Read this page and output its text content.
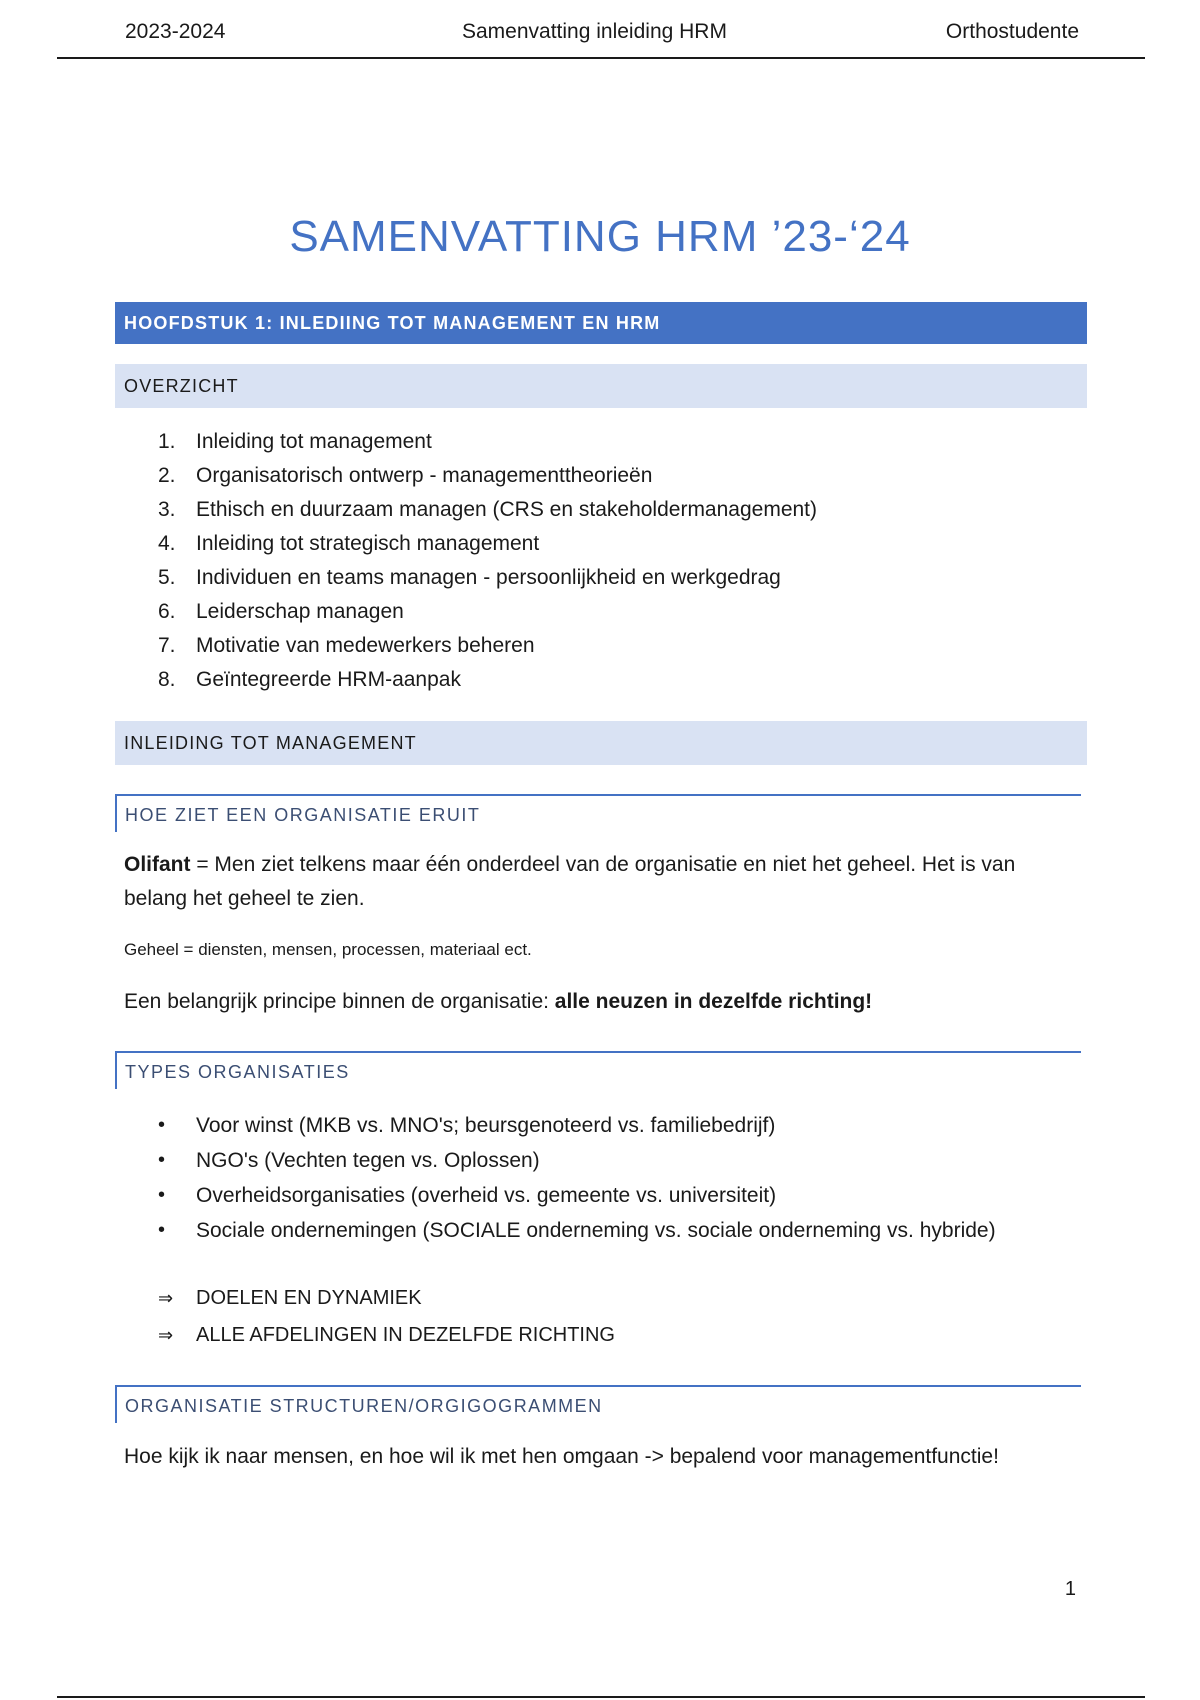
2023-2024	Samenvatting inleiding HRM	Orthostudente
SAMENVATTING HRM ’23-‘24
HOOFDSTUK 1: INLEDIING TOT MANAGEMENT EN HRM
OVERZICHT
1. Inleiding tot management
2. Organisatorisch ontwerp - managementtheorieën
3. Ethisch en duurzaam managen (CRS en stakeholdermanagement)
4. Inleiding tot strategisch management
5. Individuen en teams managen - persoonlijkheid en werkgedrag
6. Leiderschap managen
7. Motivatie van medewerkers beheren
8. Geïntegreerde HRM-aanpak
INLEIDING TOT MANAGEMENT
HOE ZIET EEN ORGANISATIE ERUIT
Olifant = Men ziet telkens maar één onderdeel van de organisatie en niet het geheel. Het is van belang het geheel te zien.
Geheel = diensten, mensen, processen, materiaal ect.
Een belangrijk principe binnen de organisatie: alle neuzen in dezelfde richting!
TYPES ORGANISATIES
•	Voor winst (MKB vs. MNO's; beursgenoteerd vs. familiebedrijf)
•	NGO's (Vechten tegen vs. Oplossen)
•	Overheidsorganisaties (overheid vs. gemeente vs. universiteit)
•	Sociale ondernemingen (SOCIALE onderneming vs. sociale onderneming vs. hybride)
⇒	DOELEN EN DYNAMIEK
⇒	ALLE AFDELINGEN IN DEZELFDE RICHTING
ORGANISATIE STRUCTUREN/ORGIGOGRAMMEN
Hoe kijk ik naar mensen, en hoe wil ik met hen omgaan -> bepalend voor managementfunctie!
1
